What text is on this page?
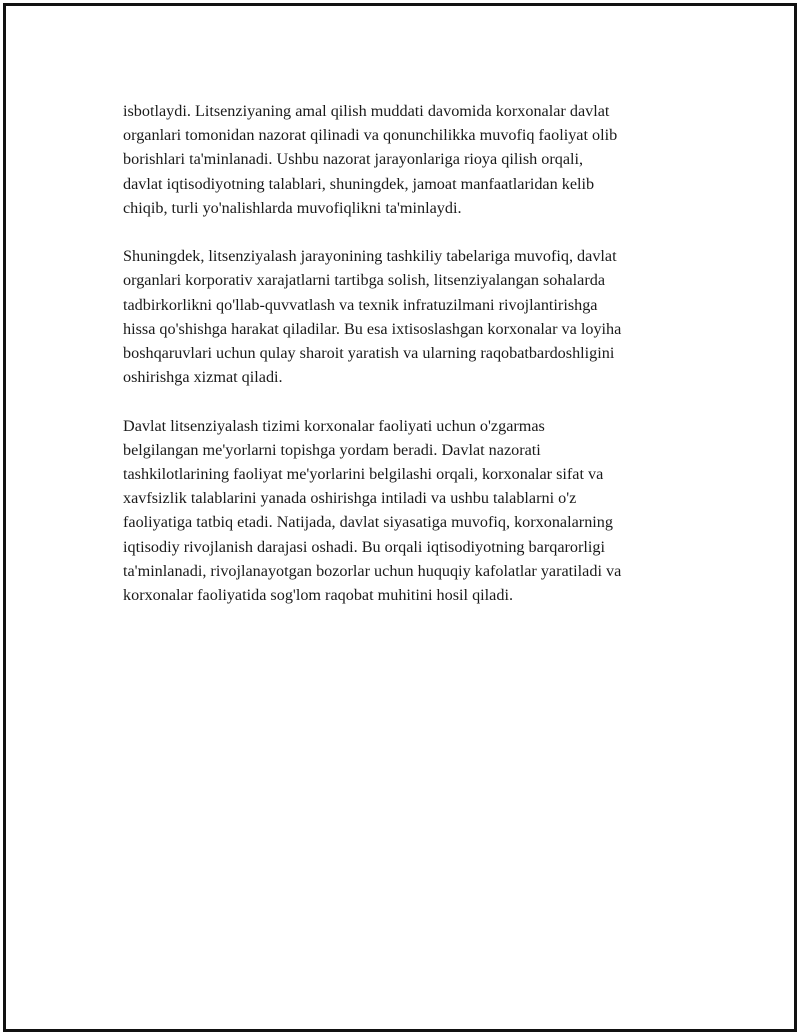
isbotlaydi. Litsenziyaning amal qilish muddati davomida korxonalar davlat
organlari tomonidan nazorat qilinadi va qonunchilikka muvofiq faoliyat olib
borishlari ta'minlanadi. Ushbu nazorat jarayonlariga rioya qilish orqali,
davlat iqtisodiyotning talablari, shuningdek, jamoat manfaatlaridan kelib
chiqib, turli yo'nalishlarda muvofiqlikni ta'minlaydi.

Shuningdek, litsenziyalash jarayonining tashkiliy tabelariga muvofiq, davlat
organlari korporativ xarajatlarni tartibga solish, litsenziyalangan sohalarda
tadbirkorlikni qo'llab-quvvatlash va texnik infratuzilmani rivojlantirishga
hissa qo'shishga harakat qiladilar. Bu esa ixtisoslashgan korxonalar va loyiha
boshqaruvlari uchun qulay sharoit yaratish va ularning raqobatbardoshligini
oshirishga xizmat qiladi.

Davlat litsenziyalash tizimi korxonalar faoliyati uchun o'zgarmas
belgilangan me'yorlarni topishga yordam beradi. Davlat nazorati
tashkilotlarining faoliyat me'yorlarini belgilashi orqali, korxonalar sifat va
xavfsizlik talablarini yanada oshirishga intiladi va ushbu talablarni o'z
faoliyatiga tatbiq etadi. Natijada, davlat siyasatiga muvofiq, korxonalarning
iqtisodiy rivojlanish darajasi oshadi. Bu orqali iqtisodiyotning barqarorligi
ta'minlanadi, rivojlanayotgan bozorlar uchun huquqiy kafolatlar yaratiladi va
korxonalar faoliyatida sog'lom raqobat muhitini hosil qiladi.
